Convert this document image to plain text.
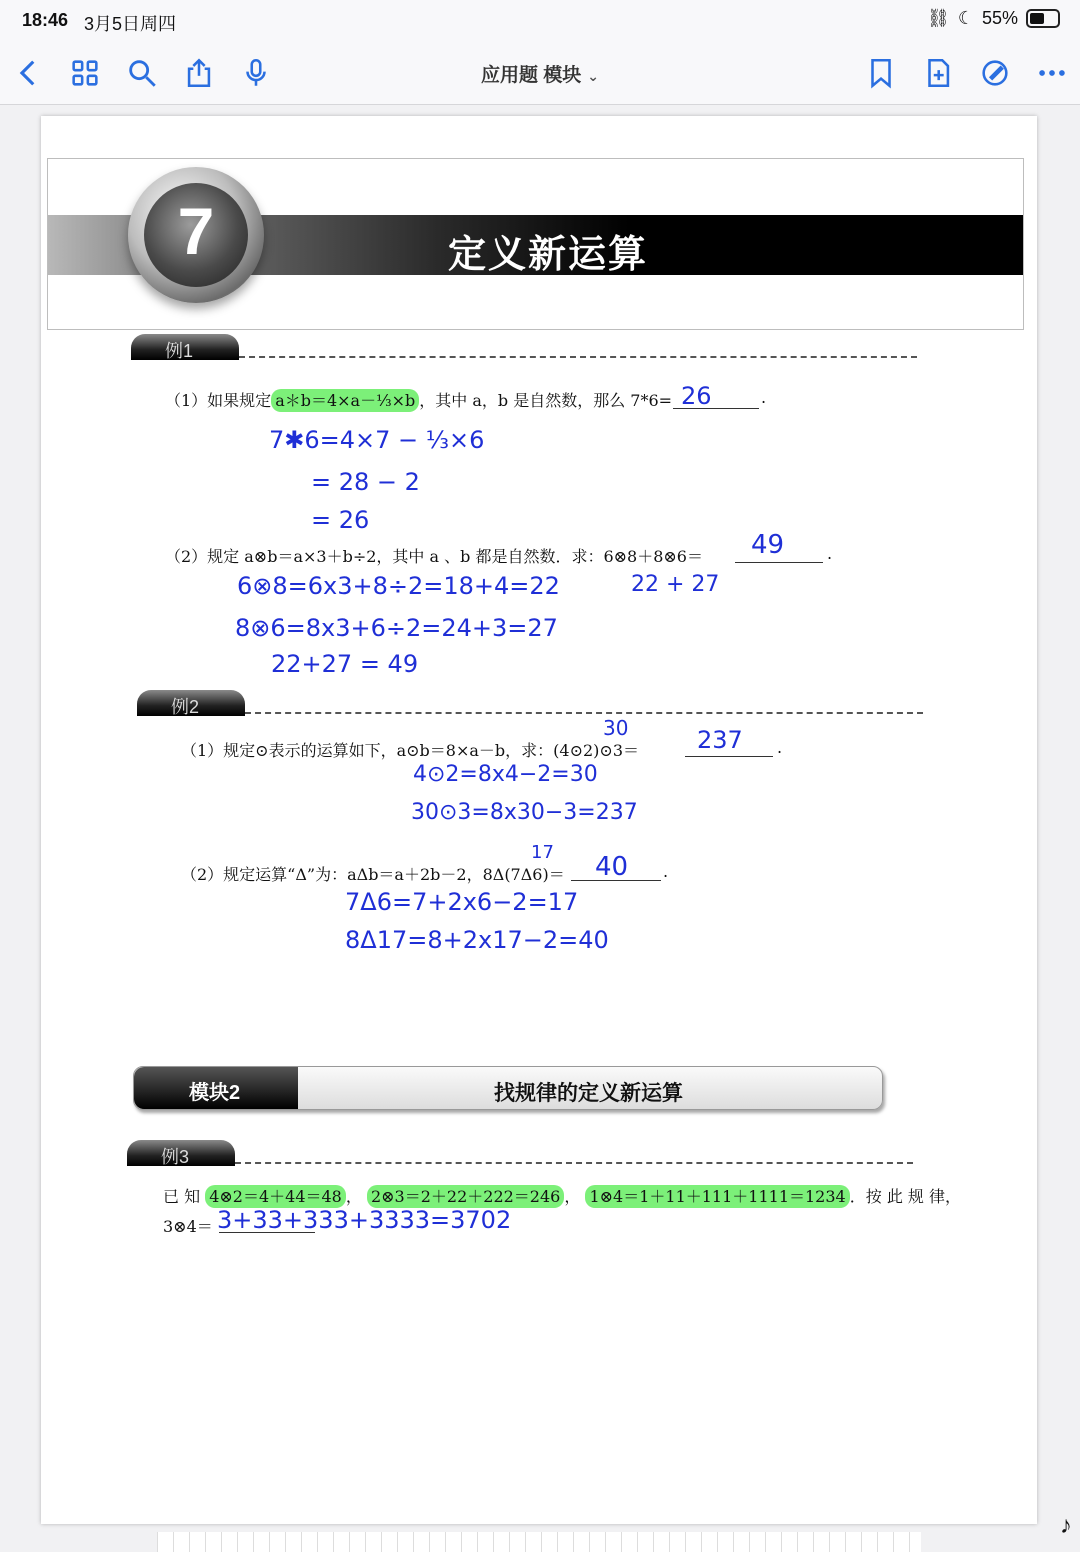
18:46 3月5日周四	⛓ ☾ 55%
应用题 模块 ⌄
定义新运算
7
例1
（1）如果规定 a＊b＝4×a－⅓×b ，其中 a，b 是自然数，那么 7*6=	.
26
7✱6=4×7 − ⅓×6
= 28 − 2
= 26
（2）规定 a⊗b＝a×3＋b÷2，其中 a 、b 都是自然数．求：6⊗8＋8⊗6＝	.
49
22 + 27
6⊗8=6x3+8÷2=18+4=22
8⊗6=8x3+6÷2=24+3=27
22+27 = 49
例2
（1）规定⊙表示的运算如下，a⊙b＝8×a－b，求：(4⊙2)⊙3＝	.
30	237
4⊙2=8x4−2=30
30⊙3=8x30−3=237
（2）规定运算“Δ”为：aΔb＝a＋2b－2，8Δ(7Δ6)＝	.
17 40
7Δ6=7+2x6−2=17
8Δ17=8+2x17−2=40
模块2	找规律的定义新运算
例3
已 知 4⊗2＝4＋44＝48 ， 2⊗3＝2＋22＋222＝246 ， 1⊗4＝1＋11＋111＋1111＝1234 ．按 此 规 律，
3⊗4＝ 3+33+333+3333=3702
♪
